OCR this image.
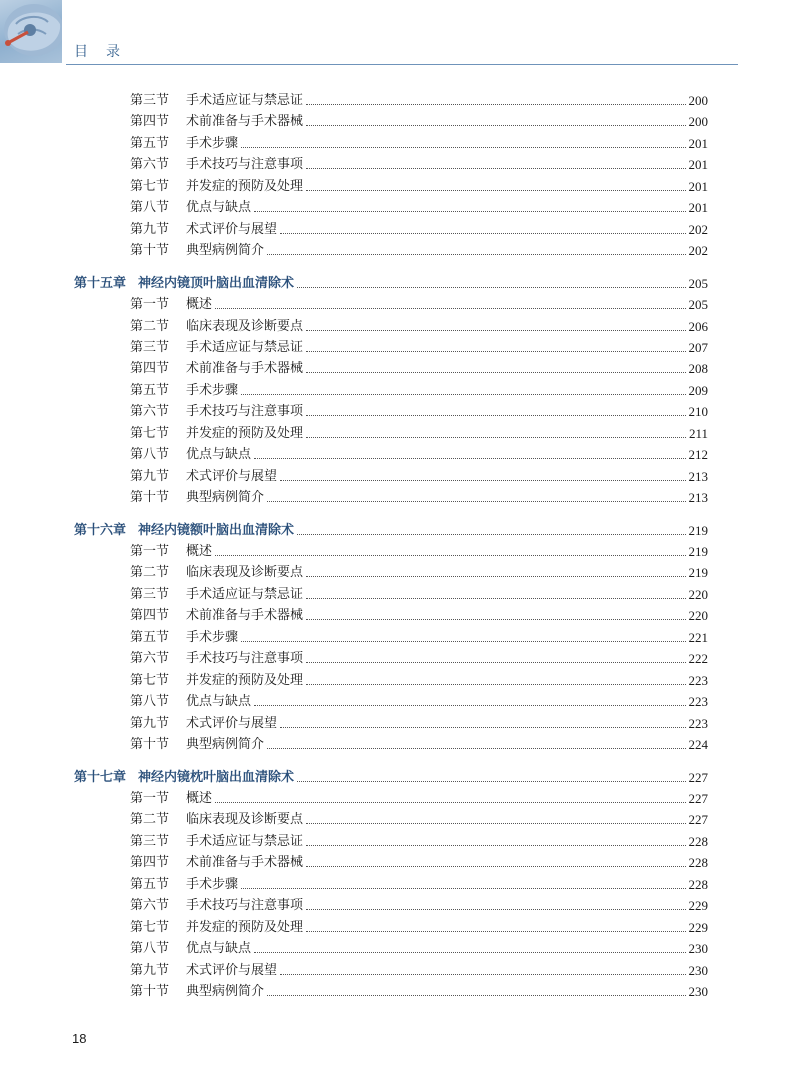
目　录
第三节	手术适应证与禁忌证	200
第四节	术前准备与手术器械	200
第五节	手术步骤	201
第六节	手术技巧与注意事项	201
第七节	并发症的预防及处理	201
第八节	优点与缺点	201
第九节	术式评价与展望	202
第十节	典型病例简介	202
第十五章 神经内镜顶叶脑出血清除术	205
第一节	概述	205
第二节	临床表现及诊断要点	206
第三节	手术适应证与禁忌证	207
第四节	术前准备与手术器械	208
第五节	手术步骤	209
第六节	手术技巧与注意事项	210
第七节	并发症的预防及处理	211
第八节	优点与缺点	212
第九节	术式评价与展望	213
第十节	典型病例简介	213
第十六章 神经内镜额叶脑出血清除术	219
第一节	概述	219
第二节	临床表现及诊断要点	219
第三节	手术适应证与禁忌证	220
第四节	术前准备与手术器械	220
第五节	手术步骤	221
第六节	手术技巧与注意事项	222
第七节	并发症的预防及处理	223
第八节	优点与缺点	223
第九节	术式评价与展望	223
第十节	典型病例简介	224
第十七章 神经内镜枕叶脑出血清除术	227
第一节	概述	227
第二节	临床表现及诊断要点	227
第三节	手术适应证与禁忌证	228
第四节	术前准备与手术器械	228
第五节	手术步骤	228
第六节	手术技巧与注意事项	229
第七节	并发症的预防及处理	229
第八节	优点与缺点	230
第九节	术式评价与展望	230
第十节	典型病例简介	230
18
